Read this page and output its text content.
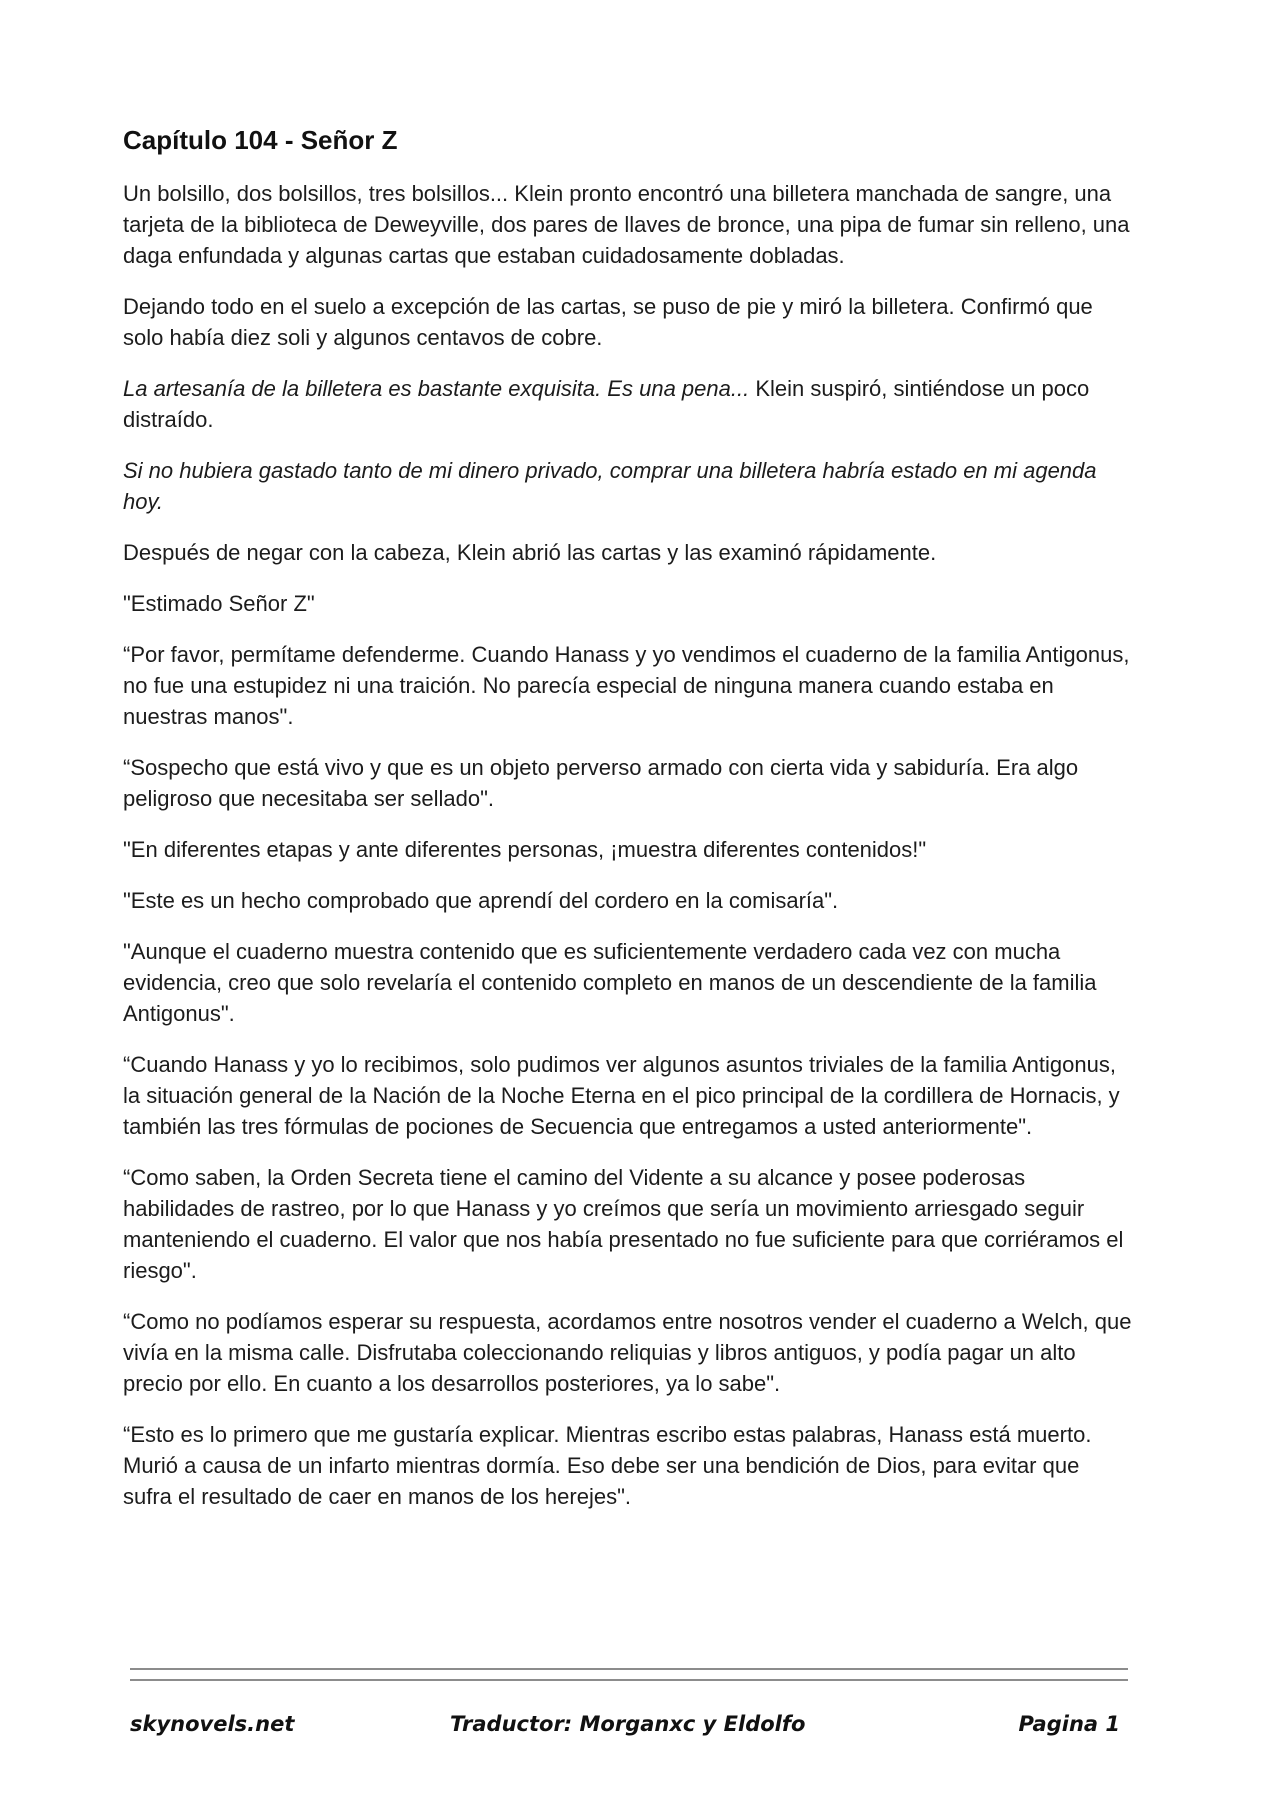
Capítulo 104 - Señor Z

Un bolsillo, dos bolsillos, tres bolsillos... Klein pronto encontró una billetera manchada de sangre, una tarjeta de la biblioteca de Deweyville, dos pares de llaves de bronce, una pipa de fumar sin relleno, una daga enfundada y algunas cartas que estaban cuidadosamente dobladas.

Dejando todo en el suelo a excepción de las cartas, se puso de pie y miró la billetera. Confirmó que solo había diez soli y algunos centavos de cobre.

La artesanía de la billetera es bastante exquisita. Es una pena... Klein suspiró, sintiéndose un poco distraído.

Si no hubiera gastado tanto de mi dinero privado, comprar una billetera habría estado en mi agenda hoy.

Después de negar con la cabeza, Klein abrió las cartas y las examinó rápidamente.

"Estimado Señor Z"

“Por favor, permítame defenderme. Cuando Hanass y yo vendimos el cuaderno de la familia Antigonus, no fue una estupidez ni una traición. No parecía especial de ninguna manera cuando estaba en nuestras manos".

“Sospecho que está vivo y que es un objeto perverso armado con cierta vida y sabiduría. Era algo peligroso que necesitaba ser sellado".

"En diferentes etapas y ante diferentes personas, ¡muestra diferentes contenidos!"

"Este es un hecho comprobado que aprendí del cordero en la comisaría".

"Aunque el cuaderno muestra contenido que es suficientemente verdadero cada vez con mucha evidencia, creo que solo revelaría el contenido completo en manos de un descendiente de la familia Antigonus".

“Cuando Hanass y yo lo recibimos, solo pudimos ver algunos asuntos triviales de la familia Antigonus, la situación general de la Nación de la Noche Eterna en el pico principal de la cordillera de Hornacis, y también las tres fórmulas de pociones de Secuencia que entregamos a usted anteriormente".

“Como saben, la Orden Secreta tiene el camino del Vidente a su alcance y posee poderosas habilidades de rastreo, por lo que Hanass y yo creímos que sería un movimiento arriesgado seguir manteniendo el cuaderno. El valor que nos había presentado no fue suficiente para que corriéramos el riesgo".

“Como no podíamos esperar su respuesta, acordamos entre nosotros vender el cuaderno a Welch, que vivía en la misma calle. Disfrutaba coleccionando reliquias y libros antiguos, y podía pagar un alto precio por ello. En cuanto a los desarrollos posteriores, ya lo sabe".

“Esto es lo primero que me gustaría explicar. Mientras escribo estas palabras, Hanass está muerto. Murió a causa de un infarto mientras dormía. Eso debe ser una bendición de Dios, para evitar que sufra el resultado de caer en manos de los herejes".

skynovels.net	Traductor: Morganxc y Eldolfo	Pagina 1
